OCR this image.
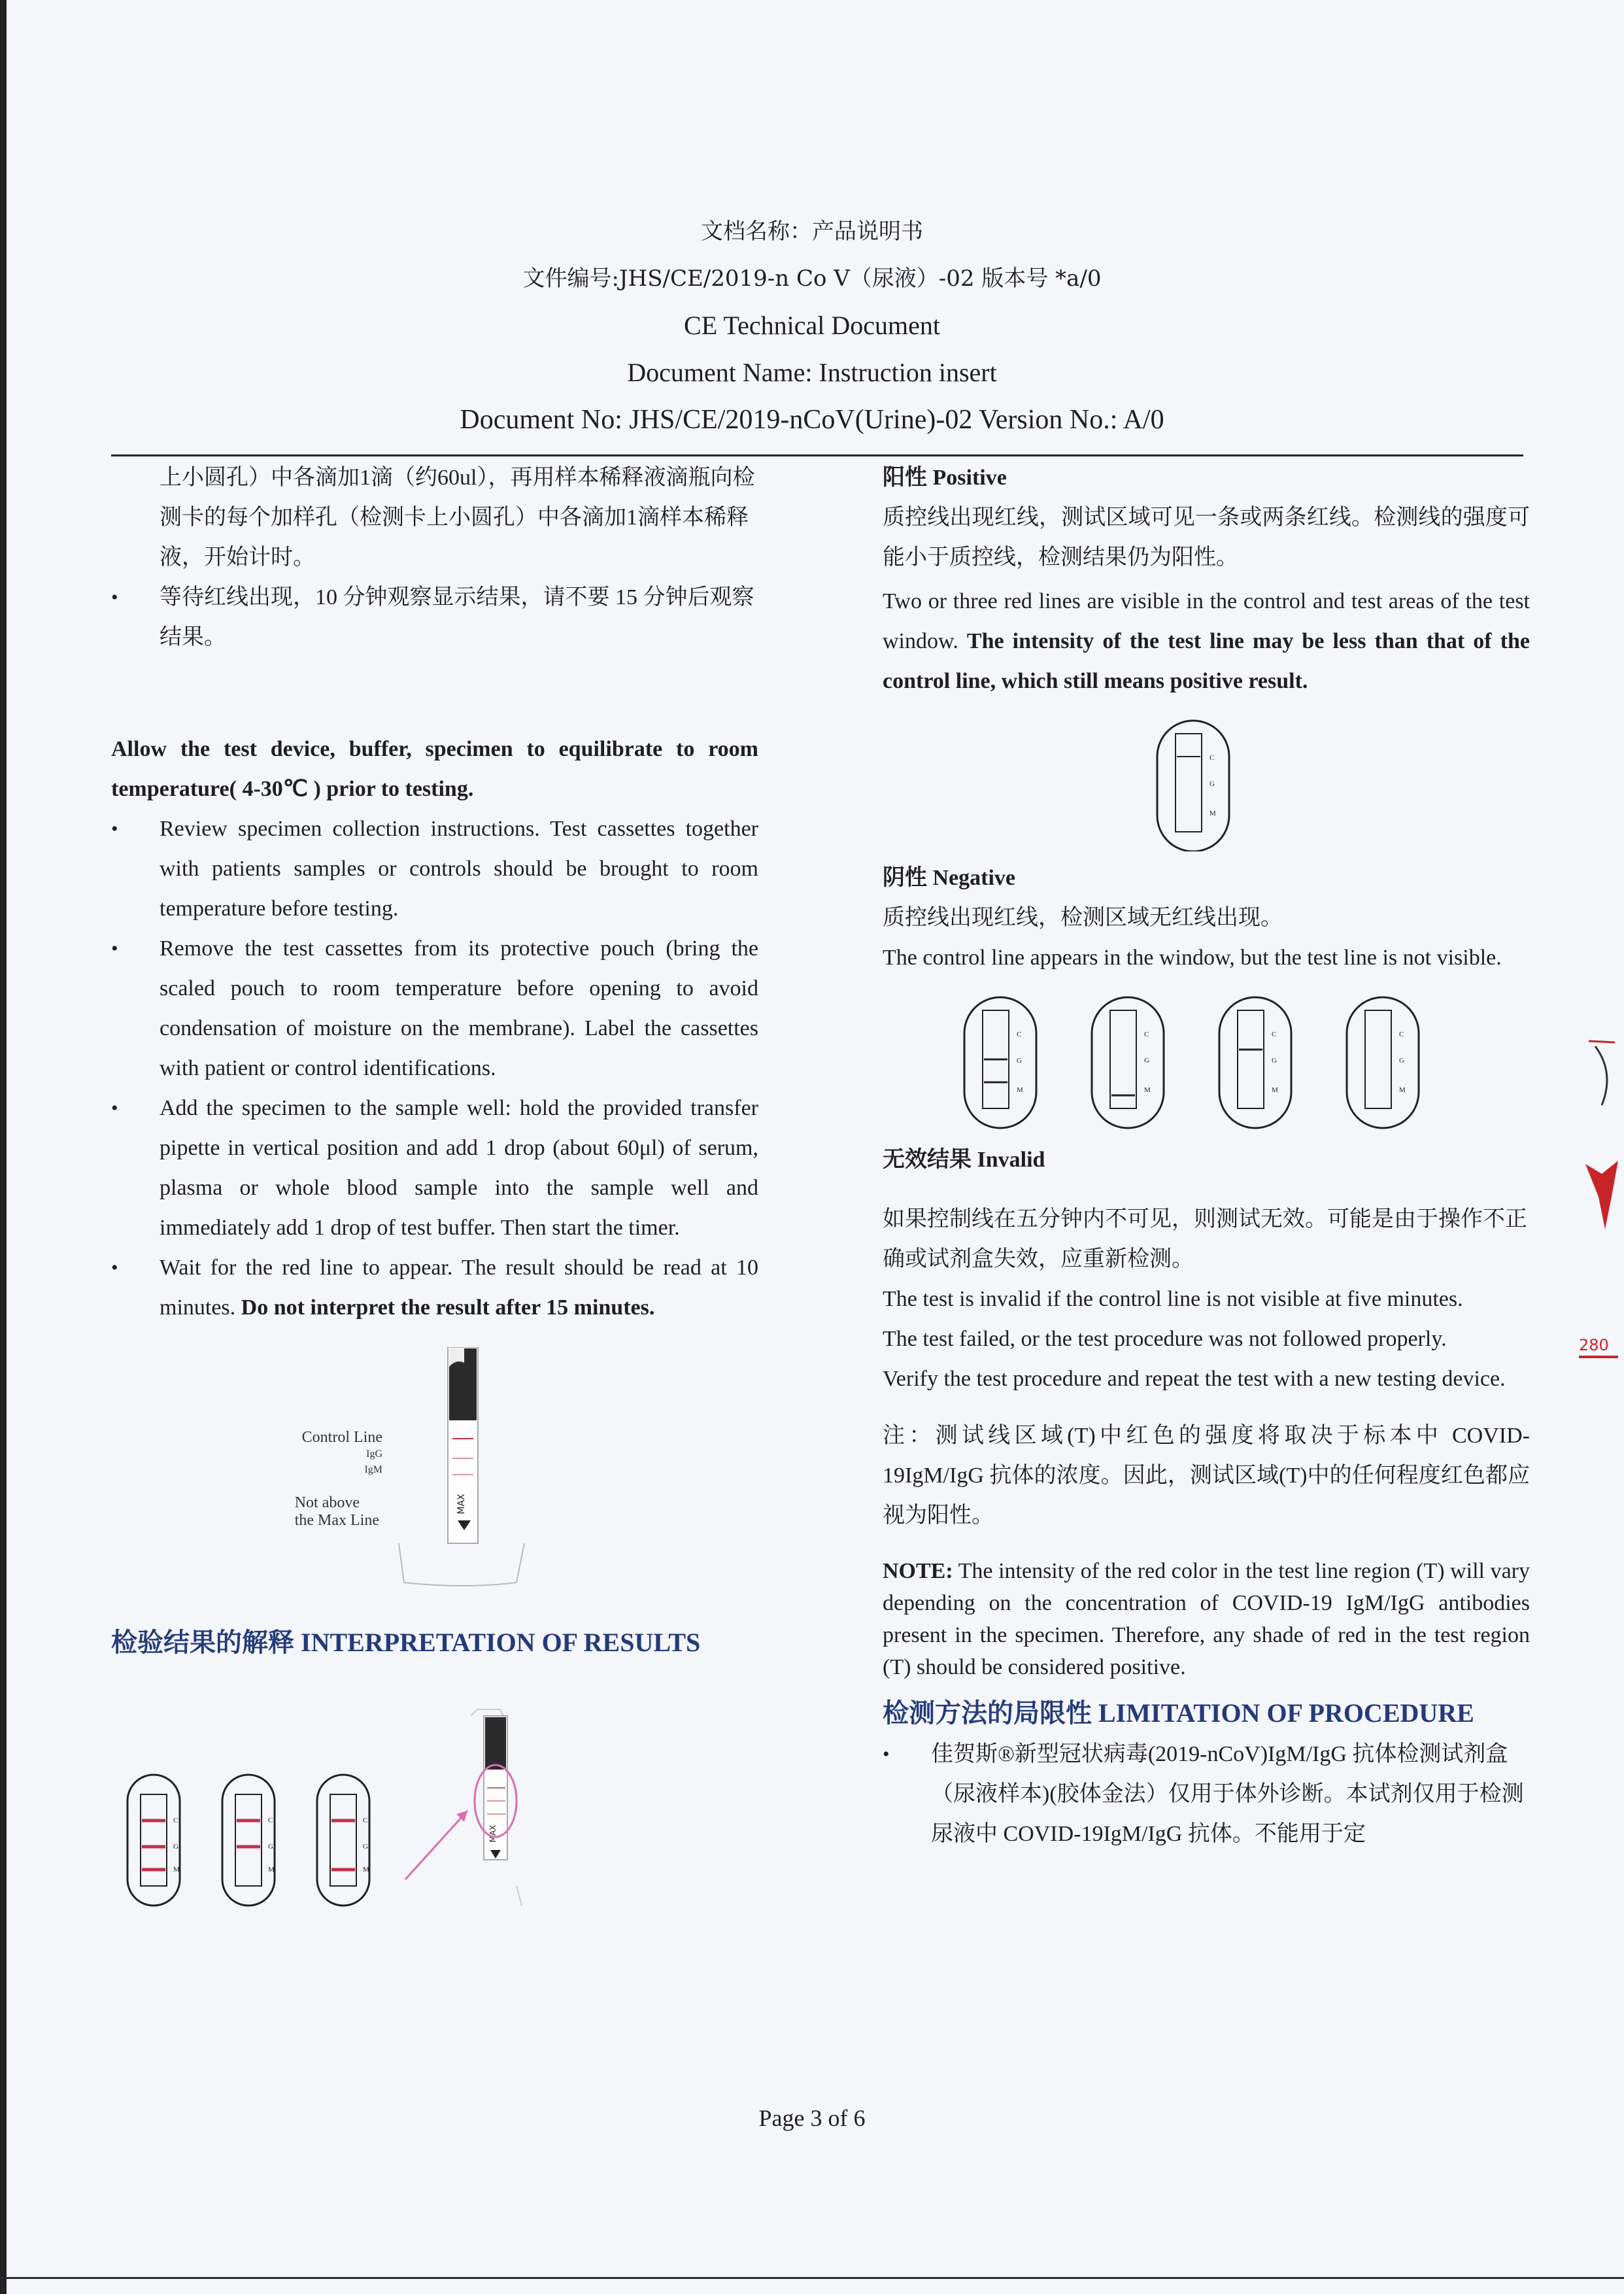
文档名称：产品说明书
文件编号:JHS/CE/2019-n Co V（尿液）-02 版本号 *a/0
CE Technical Document
Document Name: Instruction insert
Document No: JHS/CE/2019-nCoV(Urine)-02 Version No.: A/0
上小圆孔）中各滴加1滴（约60ul），再用样本稀释液滴瓶向检测卡的每个加样孔（检测卡上小圆孔）中各滴加1滴样本稀释液，开始计时。
• 等待红线出现，10 分钟观察显示结果，请不要 15 分钟后观察结果。
Allow the test device, buffer, specimen to equilibrate to room temperature( 4-30℃ ) prior to testing.
• Review specimen collection instructions. Test cassettes together with patients samples or controls should be brought to room temperature before testing.
• Remove the test cassettes from its protective pouch (bring the scaled pouch to room temperature before opening to avoid condensation of moisture on the membrane). Label the cassettes with patient or control identifications.
• Add the specimen to the sample well: hold the provided transfer pipette in vertical position and add 1 drop (about 60μl) of serum, plasma or whole blood sample into the sample well and immediately add 1 drop of test buffer. Then start the timer.
• Wait for the red line to appear. The result should be read at 10 minutes. Do not interpret the result after 15 minutes.
MAX
Control Line
IgG
IgM
Not above
the Max Line
检验结果的解释 INTERPRETATION OF RESULTS
C
G
M
C
G
M
C
G
M
MAX
阳性 Positive
质控线出现红线，测试区域可见一条或两条红线。检测线的强度可能小于质控线，检测结果仍为阳性。
Two or three red lines are visible in the control and test areas of the test window. The intensity of the test line may be less than that of the control line, which still means positive result.
C
G
M
阴性 Negative
质控线出现红线，检测区域无红线出现。
The control line appears in the window, but the test line is not visible.
C
G
M
C
G
M
C
G
M
C
G
M
无效结果 Invalid
如果控制线在五分钟内不可见，则测试无效。可能是由于操作不正确或试剂盒失效，应重新检测。
The test is invalid if the control line is not visible at five minutes.
The test failed, or the test procedure was not followed properly.
Verify the test procedure and repeat the test with a new testing device.
注：测试线区域(T)中红色的强度将取决于标本中 COVID-19IgM/IgG 抗体的浓度。因此，测试区域(T)中的任何程度红色都应视为阳性。
NOTE: The intensity of the red color in the test line region (T) will vary depending on the concentration of COVID-19 IgM/IgG antibodies present in the specimen. Therefore, any shade of red in the test region (T) should be considered positive.
检测方法的局限性 LIMITATION OF PROCEDURE
• 佳贺斯®新型冠状病毒(2019-nCoV)IgM/IgG 抗体检测试剂盒（尿液样本)(胶体金法）仅用于体外诊断。本试剂仅用于检测尿液中 COVID-19IgM/IgG 抗体。不能用于定
280
Page 3 of 6
